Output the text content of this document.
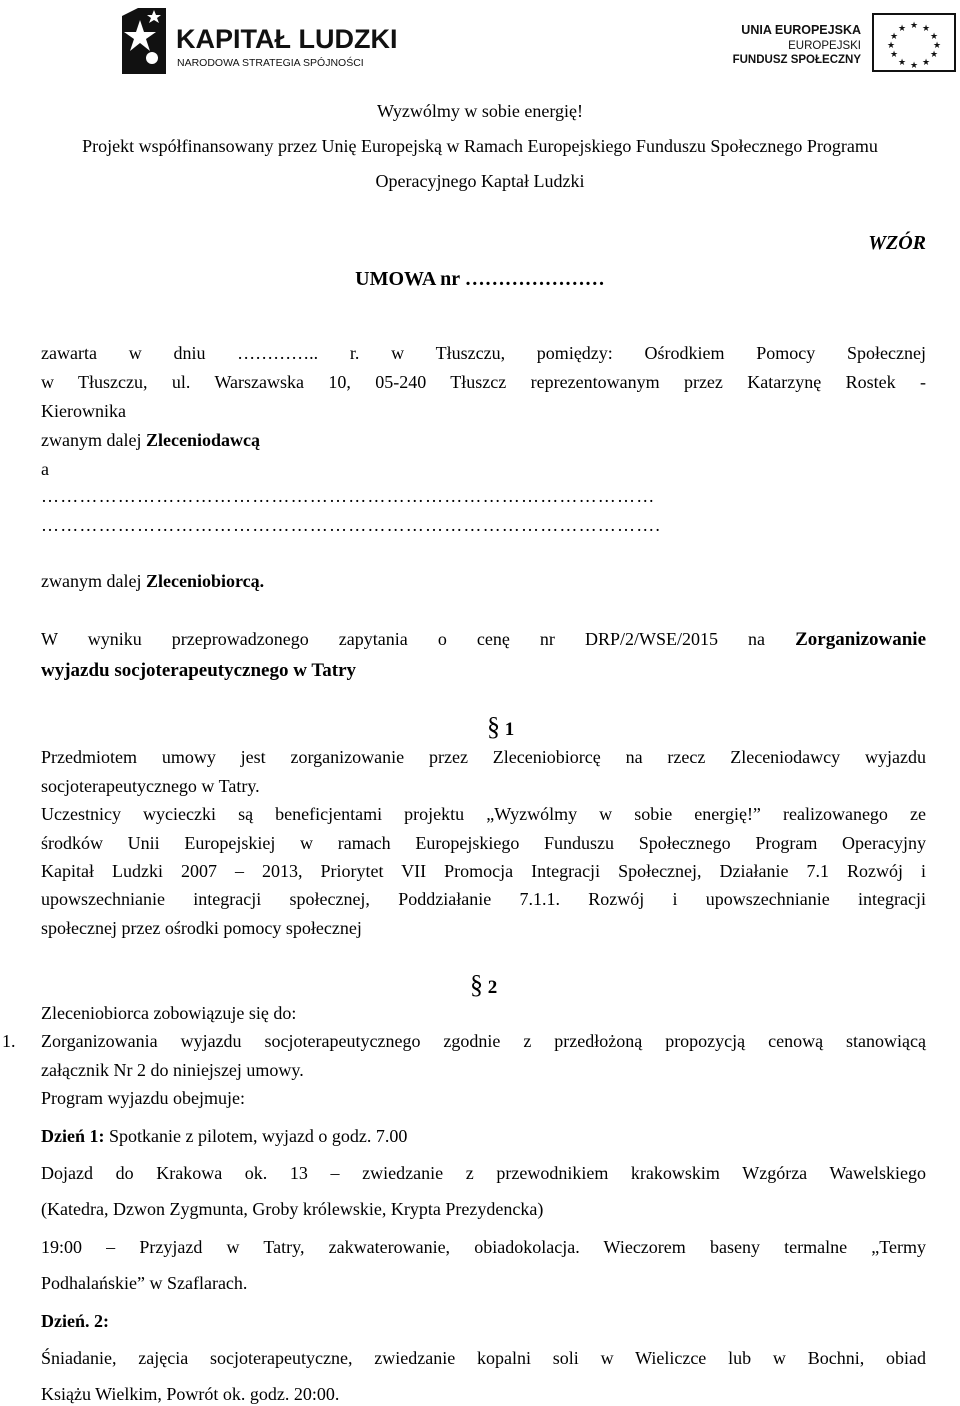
KAPITAŁ LUDZKI
NARODOWA STRATEGIA SPÓJNOŚCI
UNIA EUROPEJSKA
EUROPEJSKI
FUNDUSZ SPOŁECZNY
★ ★
★
★
★
★
★
★
★
★
★
★
Wyzwólmy w sobie energię!
Projekt współfinansowany przez Unię Europejską w Ramach Europejskiego Funduszu Społecznego Programu
Operacyjnego Kaptał Ludzki
WZÓR
UMOWA nr …………………
zawarta w dniu ………….. r. w Tłuszczu, pomiędzy: Ośrodkiem Pomocy Społecznej
w Tłuszczu, ul. Warszawska 10, 05-240 Tłuszcz reprezentowanym przez Katarzynę Rostek -
Kierownika
zwanym dalej Zleceniodawcą
a
……………………………………………………………………………………
…………………………………………………………………………………….
zwanym dalej Zleceniobiorcą.
W wyniku przeprowadzonego zapytania o cenę nr DRP/2/WSE/2015 na Zorganizowanie
wyjazdu socjoterapeutycznego w Tatry
§ 1
Przedmiotem umowy jest zorganizowanie przez Zleceniobiorcę na rzecz Zleceniodawcy wyjazdu
socjoterapeutycznego w Tatry.
Uczestnicy wycieczki są beneficjentami projektu „Wyzwólmy w sobie energię!” realizowanego ze
środków Unii Europejskiej w ramach Europejskiego Funduszu Społecznego Program Operacyjny
Kapitał Ludzki 2007 – 2013, Priorytet VII Promocja Integracji Społecznej, Działanie 7.1 Rozwój i
upowszechnianie integracji społecznej, Poddziałanie 7.1.1. Rozwój i upowszechnianie integracji
społecznej przez ośrodki pomocy społecznej
§ 2
Zleceniobiorca zobowiązuje się do:
1. Zorganizowania wyjazdu socjoterapeutycznego zgodnie z przedłożoną propozycją cenową stanowiącą
załącznik Nr 2 do niniejszej umowy.
Program wyjazdu obejmuje:
Dzień 1: Spotkanie z pilotem, wyjazd o godz. 7.00
Dojazd do Krakowa ok. 13 – zwiedzanie z przewodnikiem krakowskim Wzgórza Wawelskiego
(Katedra, Dzwon Zygmunta, Groby królewskie, Krypta Prezydencka)
19:00 – Przyjazd w Tatry, zakwaterowanie, obiadokolacja. Wieczorem baseny termalne „Termy
Podhalańskie” w Szaflarach.
Dzień. 2:
Śniadanie, zajęcia socjoterapeutyczne, zwiedzanie kopalni soli w Wieliczce lub w Bochni, obiad
Książu Wielkim, Powrót ok. godz. 20:00.
